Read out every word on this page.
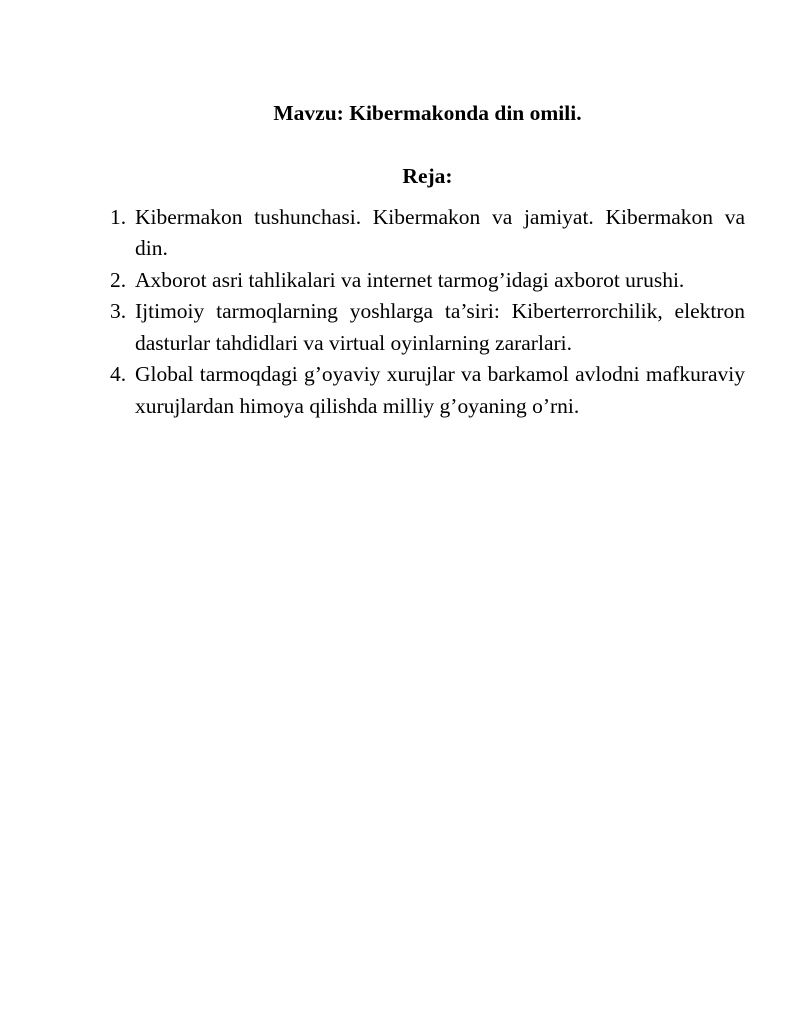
Mavzu: Kibermakonda din omili.

Reja:

1. Kibermakon tushunchasi. Kibermakon va jamiyat. Kibermakon va din.
2. Axborot asri tahlikalari va internet tarmog’idagi axborot urushi.
3. Ijtimoiy tarmoqlarning yoshlarga ta’siri: Kiberterrorchilik, elektron dasturlar tahdidlari va virtual oyinlarning zararlari.
4. Global tarmoqdagi g’oyaviy xurujlar va barkamol avlodni mafkuraviy xurujlardan himoya qilishda milliy g’oyaning o’rni.
